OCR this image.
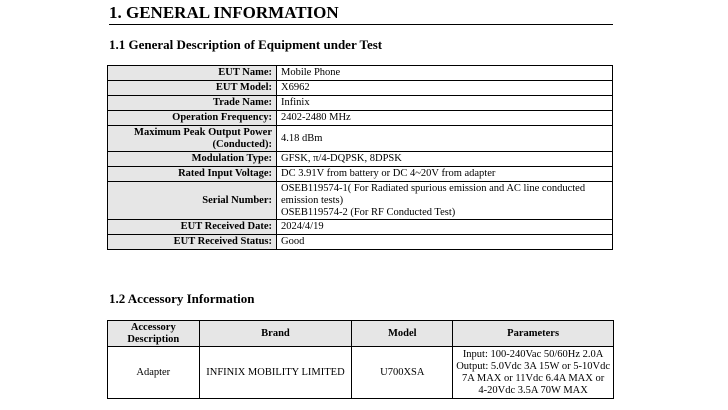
1. GENERAL INFORMATION
1.1 General Description of Equipment under Test
EUT Name:	Mobile Phone
EUT Model:	X6962
Trade Name:	Infinix
Operation Frequency:	2402-2480 MHz
Maximum Peak Output Power (Conducted):	4.18 dBm
Modulation Type:	GFSK, π/4-DQPSK, 8DPSK
Rated Input Voltage:	DC 3.91V from battery or DC 4~20V from adapter
Serial Number:	OSEB119574-1( For Radiated spurious emission and AC line conducted emission tests)
OSEB119574-2 (For RF Conducted Test)

EUT Received Date:	2024/4/19
EUT Received Status:	Good
1.2 Accessory Information
Accessory Description	Brand	Model	Parameters
Adapter	INFINIX MOBILITY LIMITED	U700XSA	Input: 100-240Vac 50/60Hz 2.0A
Output: 5.0Vdc 3A 15W or 5-10Vdc
7A MAX or 11Vdc 6.4A MAX or
4-20Vdc 3.5A 70W MAX
